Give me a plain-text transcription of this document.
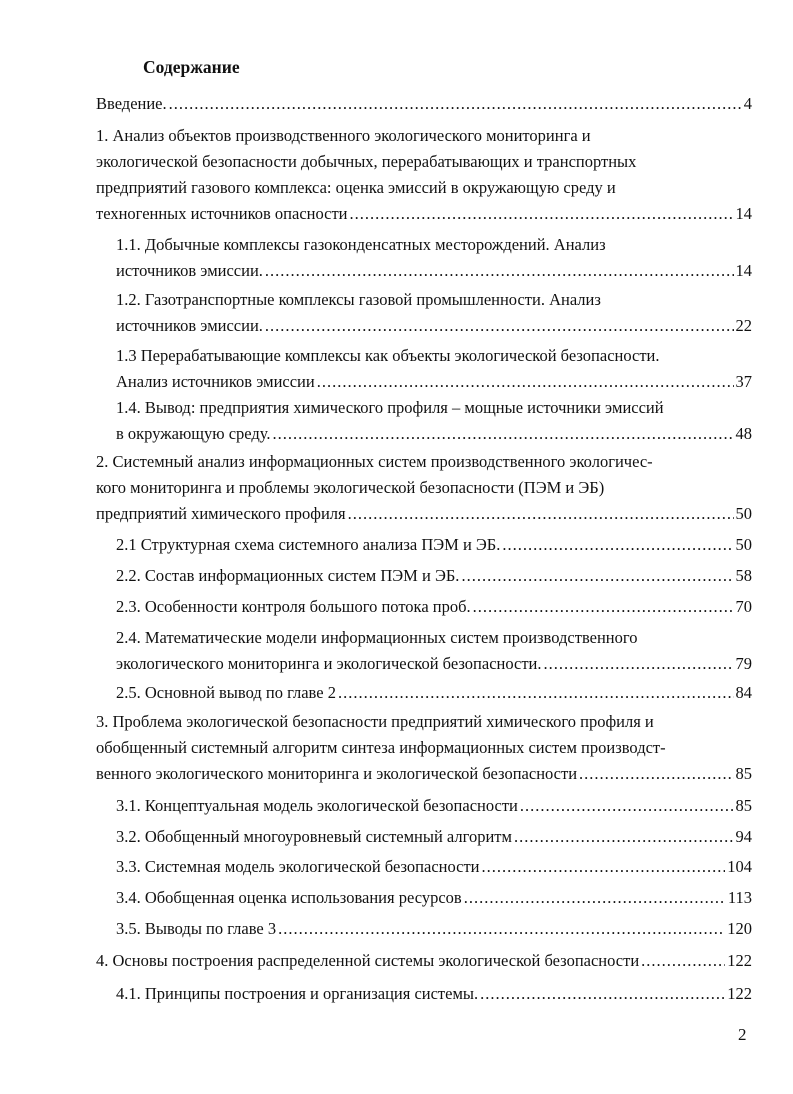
Содержание
Введение. .....	4
1. Анализ объектов производственного экологического мониторинга и
экологической безопасности добычных, перерабатывающих и транспортных
предприятий газового комплекса: оценка эмиссий в окружающую среду и
техногенных источников опасности .....	14
1.1. Добычные комплексы газоконденсатных месторождений. Анализ
источников эмиссии. .....	14
1.2. Газотранспортные комплексы газовой промышленности. Анализ
источников эмиссии. .....	22
1.3 Перерабатывающие комплексы как объекты экологической безопасности.
Анализ источников эмиссии .....	37
1.4. Вывод: предприятия химического профиля – мощные источники эмиссий
в окружающую среду. .....	48
2. Системный анализ информационных систем производственного экологичес-
кого мониторинга и проблемы экологической безопасности (ПЭМ и ЭБ)
предприятий химического профиля .....	50
2.1 Структурная схема системного анализа ПЭМ и ЭБ. .....	50
2.2. Состав информационных систем ПЭМ и ЭБ. .....	58
2.3. Особенности контроля большого потока проб. .....	70
2.4. Математические модели информационных систем производственного
экологического мониторинга и экологической безопасности. .....	79
2.5. Основной вывод по главе 2 .....	84
3. Проблема экологической безопасности предприятий химического профиля и
обобщенный системный алгоритм синтеза информационных систем производст-
венного экологического мониторинга и экологической безопасности .....	85
3.1. Концептуальная модель экологической безопасности .....	85
3.2. Обобщенный многоуровневый системный алгоритм .....	94
3.3. Системная модель экологической безопасности .....	104
3.4. Обобщенная оценка использования ресурсов .....	113
3.5. Выводы по главе 3 .....	120
4. Основы построения распределенной системы экологической безопасности .....	122
4.1. Принципы построения и организация системы. .....	122
2
